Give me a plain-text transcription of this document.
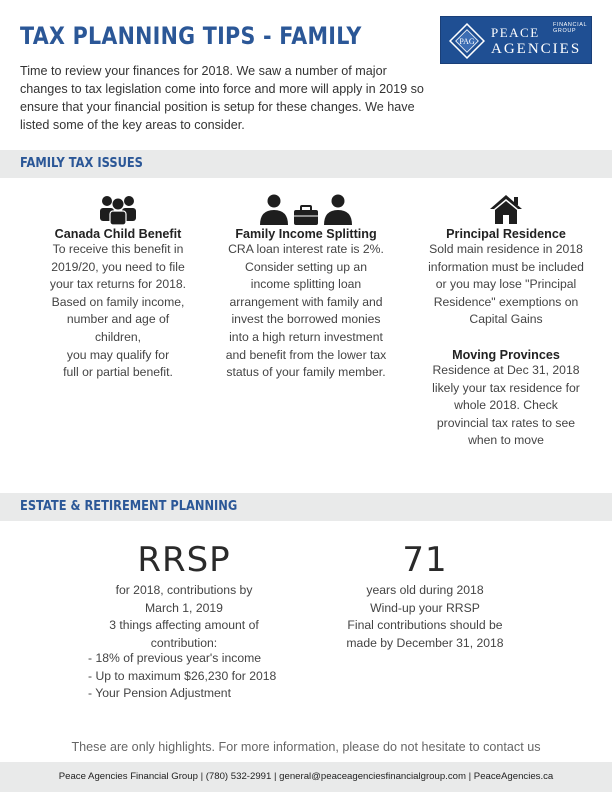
TAX PLANNING TIPS - FAMILY	PAG
PEACE FINANCIAL
GROUP
AGENCIES

Time to review your finances for 2018. We saw a number of major changes to tax legislation come into force and more will apply in 2019 so ensure that your financial position is setup for these changes. We have listed some of the key areas to consider.

FAMILY TAX ISSUES
Canada Child Benefit
To receive this benefit in
2019/20, you need to file
your tax returns for 2018.
Based on family income,
number and age of
children,
you may qualify for
full or partial benefit.
Family Income Splitting
CRA loan interest rate is 2%.
Consider setting up an
income splitting loan
arrangement with family and
invest the borrowed monies
into a high return investment
and benefit from the lower tax
status of your family member.
Principal Residence
Sold main residence in 2018
information must be included
or you may lose "Principal
Residence" exemptions on
Capital Gains
Moving Provinces
Residence at Dec 31, 2018
likely your tax residence for
whole 2018. Check
provincial tax rates to see
when to move
ESTATE & RETIREMENT PLANNING
RRSP
for 2018, contributions by
March 1, 2019
3 things affecting amount of
contribution:
- 18% of previous year's income
- Up to maximum $26,230 for 2018
- Your Pension Adjustment
71
years old during 2018
Wind-up your RRSP
Final contributions should be
made by December 31, 2018
These are only highlights. For more information, please do not hesitate to contact us
Peace Agencies Financial Group | (780) 532-2991 | general@peaceagenciesfinancialgroup.com | PeaceAgencies.ca
